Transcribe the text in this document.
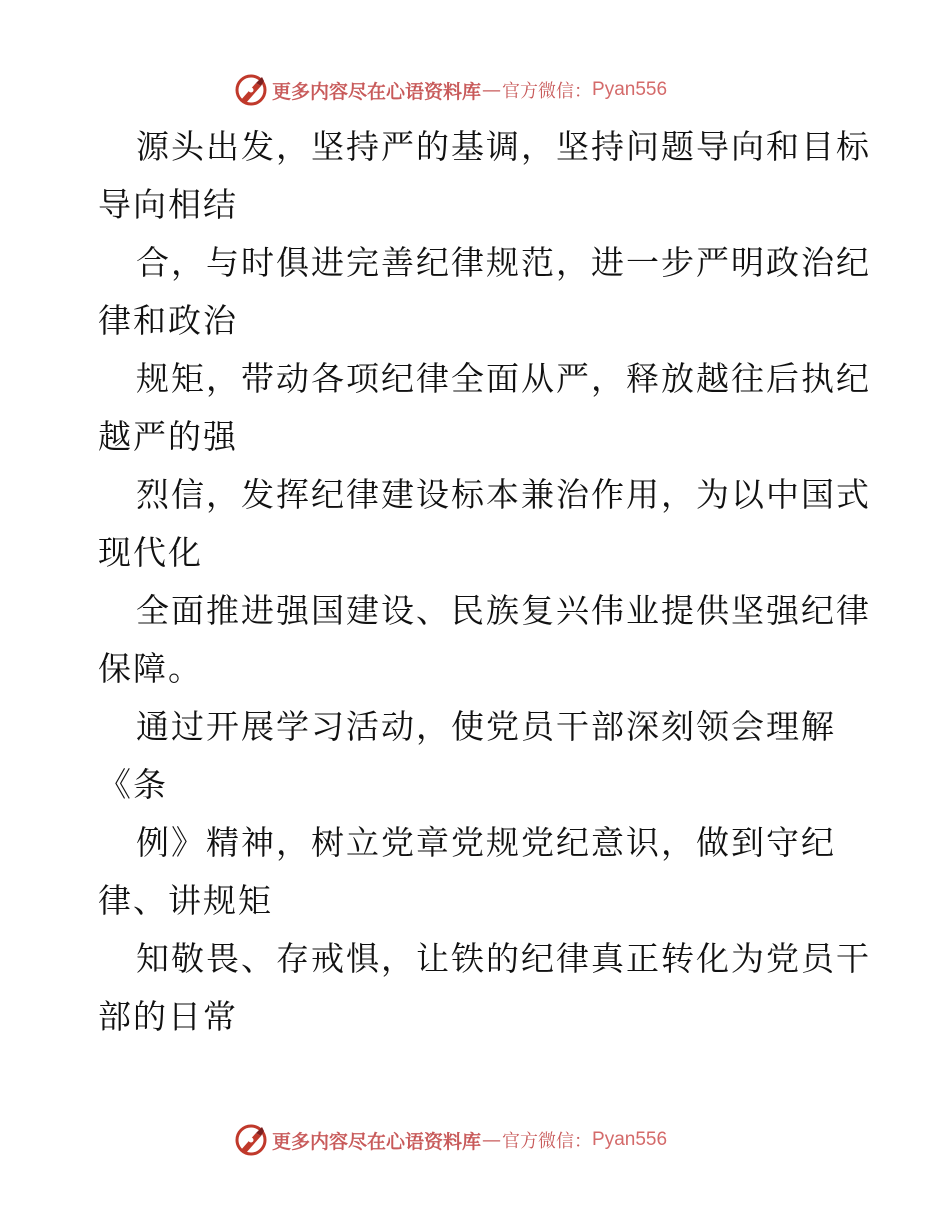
更多内容尽在心语资料库 — 官方微信： Pyan556
源头出发，坚持严的基调，坚持问题导向和目标
导向相结
合，与时俱进完善纪律规范，进一步严明政治纪
律和政治
规矩，带动各项纪律全面从严，释放越往后执纪
越严的强
烈信，发挥纪律建设标本兼治作用，为以中国式
现代化
全面推进强国建设、民族复兴伟业提供坚强纪律
保障。
通过开展学习活动，使党员干部深刻领会理解
《条
例》精神，树立党章党规党纪意识，做到守纪
律、讲规矩
知敬畏、存戒惧，让铁的纪律真正转化为党员干
部的日常
更多内容尽在心语资料库 — 官方微信： Pyan556
